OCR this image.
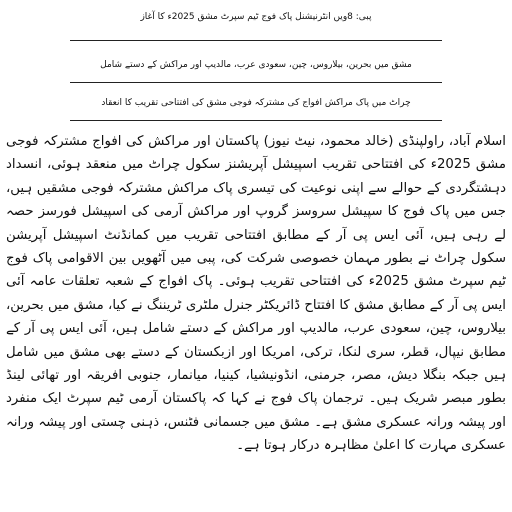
پبی: 8ویں انٹرنیشنل پاک فوج ٹیم سپرٹ مشق 2025ء کا آغاز
مشق میں بحرین، بیلاروس، چین، سعودی عرب، مالدیپ اور مراکش کے دستے شامل
چراٹ میں پاک مراکش افواج کی مشترکہ فوجی مشق کی افتتاحی تقریب کا انعقاد
اسلام آباد، راولپنڈی (خالد محمود، نیٹ نیوز) پاکستان اور مراکش کی افواج مشترکہ فوجی مشق 2025ء کی افتتاحی تقریب اسپیشل آپریشنز سکول چراٹ میں منعقد ہوئی، انسداد دہشتگردی کے حوالے سے اپنی نوعیت کی تیسری پاک مراکش مشترکہ فوجی مشقیں ہیں، جس میں پاک فوج کا سپیشل سروسز گروپ اور مراکش آرمی کی اسپیشل فورسز حصہ لے رہی ہیں، آئی ایس پی آر کے مطابق افتتاحی تقریب میں کمانڈنٹ اسپیشل آپریشن سکول چراٹ نے بطور مہمان خصوصی شرکت کی، پبی میں آٹھویں بین الاقوامی پاک فوج ٹیم سپرٹ مشق 2025ء کی افتتاحی تقریب ہوئی۔ پاک افواج کے شعبہ تعلقات عامہ آئی ایس پی آر کے مطابق مشق کا افتتاح ڈائریکٹر جنرل ملٹری ٹریننگ نے کیا، مشق میں بحرین، بیلاروس، چین، سعودی عرب، مالدیپ اور مراکش کے دستے شامل ہیں، آئی ایس پی آر کے مطابق نیپال، قطر، سری لنکا، ترکی، امریکا اور ازبکستان کے دستے بھی مشق میں شامل ہیں جبکہ بنگلا دیش، مصر، جرمنی، انڈونیشیا، کینیا، میانمار، جنوبی افریقہ اور تھائی لینڈ بطور مبصر شریک ہیں۔ ترجمان پاک فوج نے کہا کہ پاکستان آرمی ٹیم سپرٹ ایک منفرد اور پیشہ ورانہ عسکری مشق ہے۔ مشق میں جسمانی فٹنس، ذہنی چستی اور پیشہ ورانہ عسکری مہارت کا اعلیٰ مظاہرہ درکار ہوتا ہے۔
